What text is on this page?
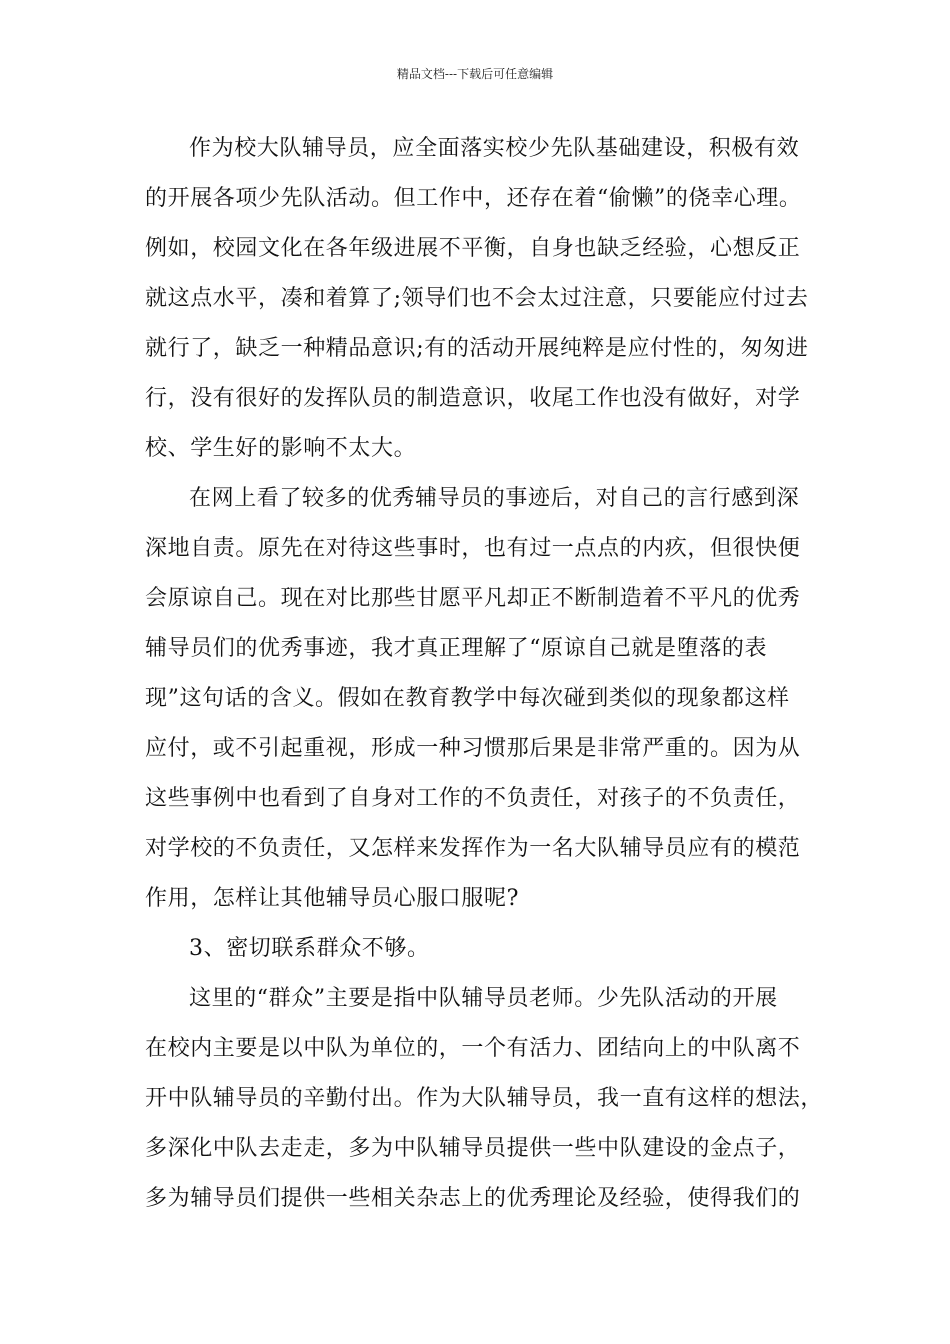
精品文档---下载后可任意编辑
作为校大队辅导员，应全面落实校少先队基础建设，积极有效
的开展各项少先队活动。但工作中，还存在着“偷懒”的侥幸心理。
例如，校园文化在各年级进展不平衡，自身也缺乏经验，心想反正
就这点水平，凑和着算了;领导们也不会太过注意，只要能应付过去
就行了，缺乏一种精品意识;有的活动开展纯粹是应付性的，匆匆进
行，没有很好的发挥队员的制造意识，收尾工作也没有做好，对学
校、学生好的影响不太大。
在网上看了较多的优秀辅导员的事迹后，对自己的言行感到深
深地自责。原先在对待这些事时，也有过一点点的内疚，但很快便
会原谅自己。现在对比那些甘愿平凡却正不断制造着不平凡的优秀
辅导员们的优秀事迹，我才真正理解了“原谅自己就是堕落的表
现”这句话的含义。假如在教育教学中每次碰到类似的现象都这样
应付，或不引起重视，形成一种习惯那后果是非常严重的。因为从
这些事例中也看到了自身对工作的不负责任，对孩子的不负责任，
对学校的不负责任，又怎样来发挥作为一名大队辅导员应有的模范
作用，怎样让其他辅导员心服口服呢?
3、密切联系群众不够。
这里的“群众”主要是指中队辅导员老师。少先队活动的开展
在校内主要是以中队为单位的，一个有活力、团结向上的中队离不
开中队辅导员的辛勤付出。作为大队辅导员，我一直有这样的想法，
多深化中队去走走，多为中队辅导员提供一些中队建设的金点子，
多为辅导员们提供一些相关杂志上的优秀理论及经验，使得我们的
